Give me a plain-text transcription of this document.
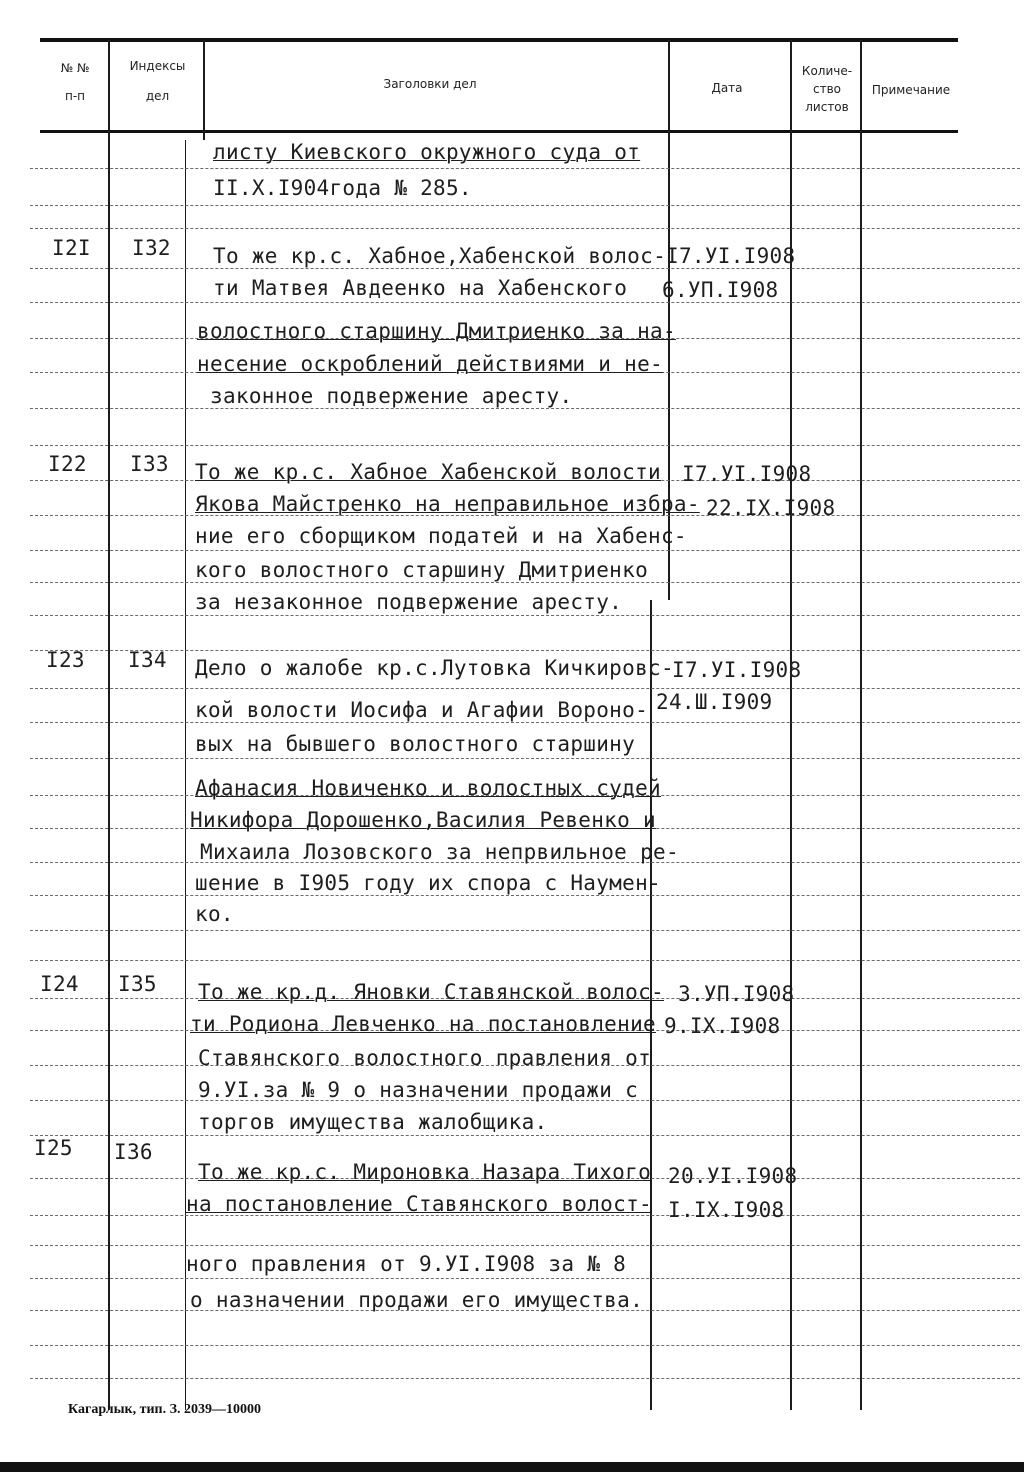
№ №
п-п
Индексы
дел
Заголовки дел	Дата
Количе-
ство
листов
Примечание
листу Киевского окружного суда от
II.X.I904года № 285.
I2I I32 То же кр.с. Хабное,Хабенской волос-
ти Матвея Авдеенко на Хабенского
волостного старшину Дмитриенко за на-
несение оскроблений действиями и не-
законное подвержение аресту.
I7.УI.I908
6.УП.I908
I22 I33 То же кр.с. Хабное Хабенской волости
Якова Майстренко на неправильное избра-
ние его сборщиком податей и на Хабенс-
кого волостного старшину Дмитриенко
за незаконное подвержение аресту.
I7.УI.I908
22.IX.I908
I23 I34 Дело о жалобе кр.с.Лутовка Кичкировс-
кой волости Иосифа и Агафии Вороно-
вых на бывшего волостного старшину
Афанасия Новиченко и волостных судей
Никифора Дорошенко,Василия Ревенко и
Михаила Лозовского за непрвильное ре-
шение в I905 году их спора с Наумен-
ко.
I7.УI.I908
24.Ш.I909
I24 I35 То же кр.д. Яновки Ставянской волос-
ти Родиона Левченко на постановление
Ставянского волостного правления от
9.УI.за № 9 о назначении продажи с
торгов имущества жалобщика.
3.УП.I908
9.IX.I908
I25 I36
То же кр.с. Мироновка Назара Тихого
на постановление Ставянского волост-
ного правления от 9.УI.I908 за № 8
о назначении продажи его имущества.
20.УI.I908
I.IX.I908
Кагарлык, тип. З. 2039—10000
